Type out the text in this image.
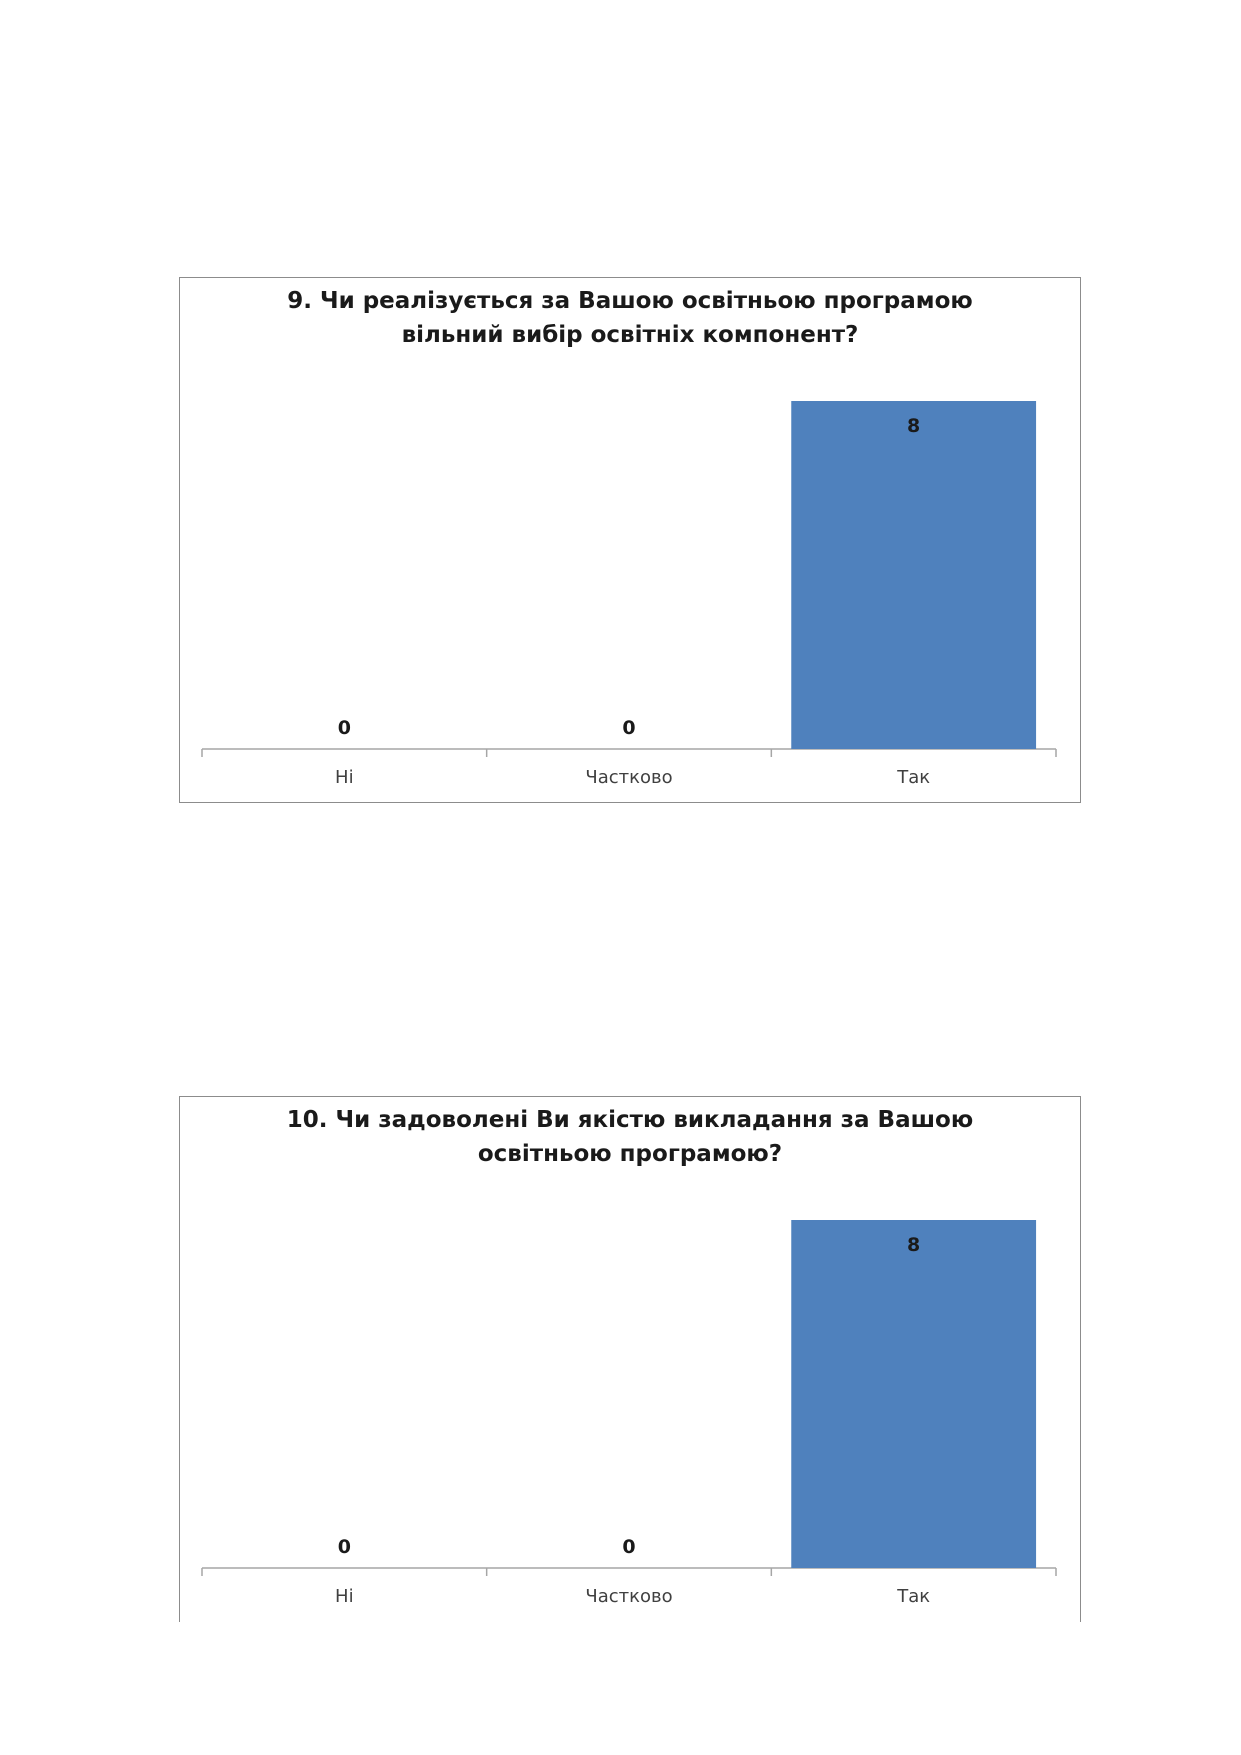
9. Чи реалізується за Вашою освітньою програмою
вільний вибір освітніх компонент?
0
Ні
0
Частково
8
Так
10. Чи задоволені Ви якістю викладання за Вашою
освітньою програмою?
0
Ні
0
Частково
8
Так
